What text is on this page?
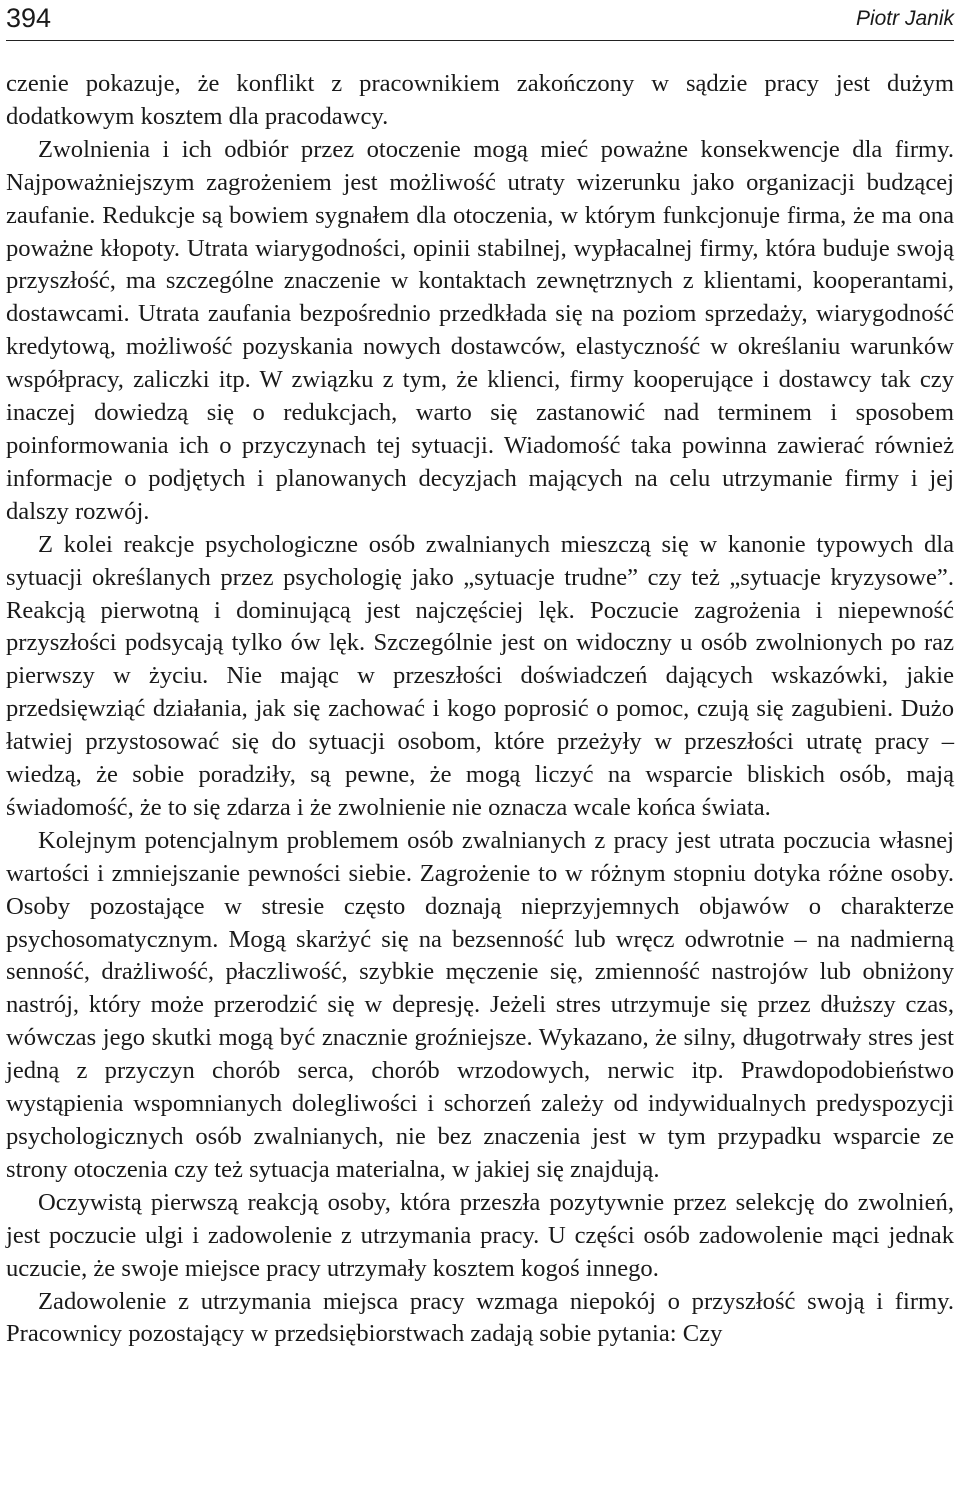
394	Piotr Janik

czenie pokazuje, że konflikt z pracownikiem zakończony w sądzie pracy jest dużym dodatkowym kosztem dla pracodawcy.

Zwolnienia i ich odbiór przez otoczenie mogą mieć poważne konsekwencje dla firmy. Najpoważniejszym zagrożeniem jest możliwość utraty wizerunku jako organizacji budzącej zaufanie. Redukcje są bowiem sygnałem dla otoczenia, w którym funkcjonuje firma, że ma ona poważne kłopoty. Utrata wiarygodności, opinii stabilnej, wypłacalnej firmy, która buduje swoją przyszłość, ma szczególne znaczenie w kontaktach zewnętrznych z klientami, kooperantami, dostawcami. Utrata zaufania bezpośrednio przedkłada się na poziom sprzedaży, wiarygodność kredytową, możliwość pozyskania nowych dostawców, elastyczność w określaniu warunków współpracy, zaliczki itp. W związku z tym, że klienci, firmy kooperujące i dostawcy tak czy inaczej dowiedzą się o redukcjach, warto się zastanowić nad terminem i sposobem poinformowania ich o przyczynach tej sytuacji. Wiadomość taka powinna zawierać również informacje o podjętych i planowanych decyzjach mających na celu utrzymanie firmy i jej dalszy rozwój.

Z kolei reakcje psychologiczne osób zwalnianych mieszczą się w kanonie typowych dla sytuacji określanych przez psychologię jako „sytuacje trudne” czy też „sytuacje kryzysowe”. Reakcją pierwotną i dominującą jest najczęściej lęk. Poczucie zagrożenia i niepewność przyszłości podsycają tylko ów lęk. Szczególnie jest on widoczny u osób zwolnionych po raz pierwszy w życiu. Nie mając w przeszłości doświadczeń dających wskazówki, jakie przedsięwziąć działania, jak się zachować i kogo poprosić o pomoc, czują się zagubieni. Dużo łatwiej przystosować się do sytuacji osobom, które przeżyły w przeszłości utratę pracy – wiedzą, że sobie poradziły, są pewne, że mogą liczyć na wsparcie bliskich osób, mają świadomość, że to się zdarza i że zwolnienie nie oznacza wcale końca świata.

Kolejnym potencjalnym problemem osób zwalnianych z pracy jest utrata poczucia własnej wartości i zmniejszanie pewności siebie. Zagrożenie to w różnym stopniu dotyka różne osoby. Osoby pozostające w stresie często doznają nieprzyjemnych objawów o charakterze psychosomatycznym. Mogą skarżyć się na bezsenność lub wręcz odwrotnie – na nadmierną senność, drażliwość, płaczliwość, szybkie męczenie się, zmienność nastrojów lub obniżony nastrój, który może przerodzić się w depresję. Jeżeli stres utrzymuje się przez dłuższy czas, wówczas jego skutki mogą być znacznie groźniejsze. Wykazano, że silny, długotrwały stres jest jedną z przyczyn chorób serca, chorób wrzodowych, nerwic itp. Prawdopodobieństwo wystąpienia wspomnianych dolegliwości i schorzeń zależy od indywidualnych predyspozycji psychologicznych osób zwalnianych, nie bez znaczenia jest w tym przypadku wsparcie ze strony otoczenia czy też sytuacja materialna, w jakiej się znajdują.

Oczywistą pierwszą reakcją osoby, która przeszła pozytywnie przez selekcję do zwolnień, jest poczucie ulgi i zadowolenie z utrzymania pracy. U części osób zadowolenie mąci jednak uczucie, że swoje miejsce pracy utrzymały kosztem kogoś innego.

Zadowolenie z utrzymania miejsca pracy wzmaga niepokój o przyszłość swoją i firmy. Pracownicy pozostający w przedsiębiorstwach zadają sobie pytania: Czy
